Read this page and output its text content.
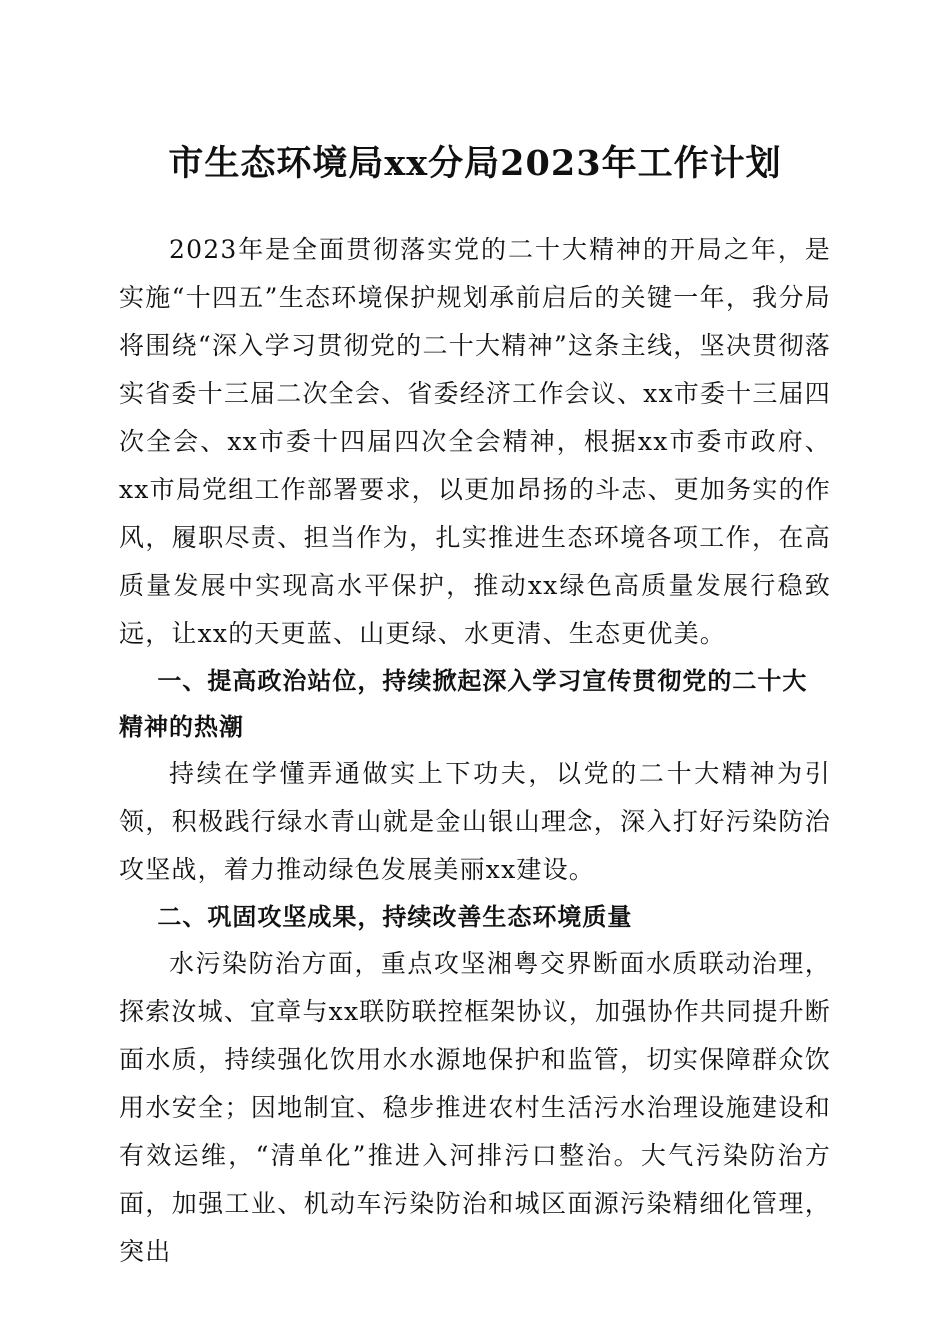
市生态环境局xx分局2023年工作计划

2023年是全面贯彻落实党的二十大精神的开局之年，是实施“十四五”生态环境保护规划承前启后的关键一年，我分局将围绕“深入学习贯彻党的二十大精神”这条主线，坚决贯彻落实省委十三届二次全会、省委经济工作会议、xx市委十三届四次全会、xx市委十四届四次全会精神，根据xx市委市政府、xx市局党组工作部署要求，以更加昂扬的斗志、更加务实的作风，履职尽责、担当作为，扎实推进生态环境各项工作，在高质量发展中实现高水平保护，推动xx绿色高质量发展行稳致远，让xx的天更蓝、山更绿、水更清、生态更优美。

一、提高政治站位，持续掀起深入学习宣传贯彻党的二十大精神的热潮

持续在学懂弄通做实上下功夫，以党的二十大精神为引领，积极践行绿水青山就是金山银山理念，深入打好污染防治攻坚战，着力推动绿色发展美丽xx建设。

二、巩固攻坚成果，持续改善生态环境质量

水污染防治方面，重点攻坚湘粤交界断面水质联动治理，探索汝城、宜章与xx联防联控框架协议，加强协作共同提升断面水质，持续强化饮用水水源地保护和监管，切实保障群众饮用水安全；因地制宜、稳步推进农村生活污水治理设施建设和有效运维，“清单化”推进入河排污口整治。大气污染防治方面，加强工业、机动车污染防治和城区面源污染精细化管理，突出
